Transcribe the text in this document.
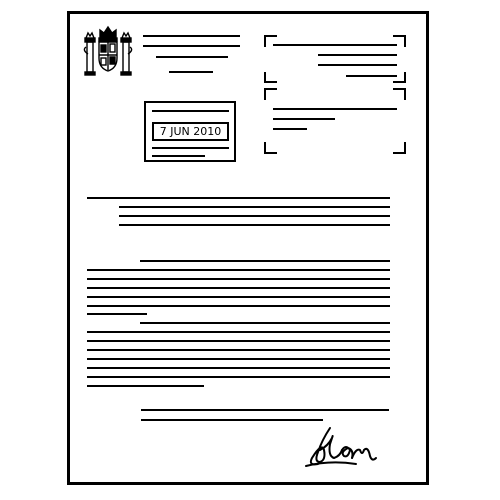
7 JUN 2010
